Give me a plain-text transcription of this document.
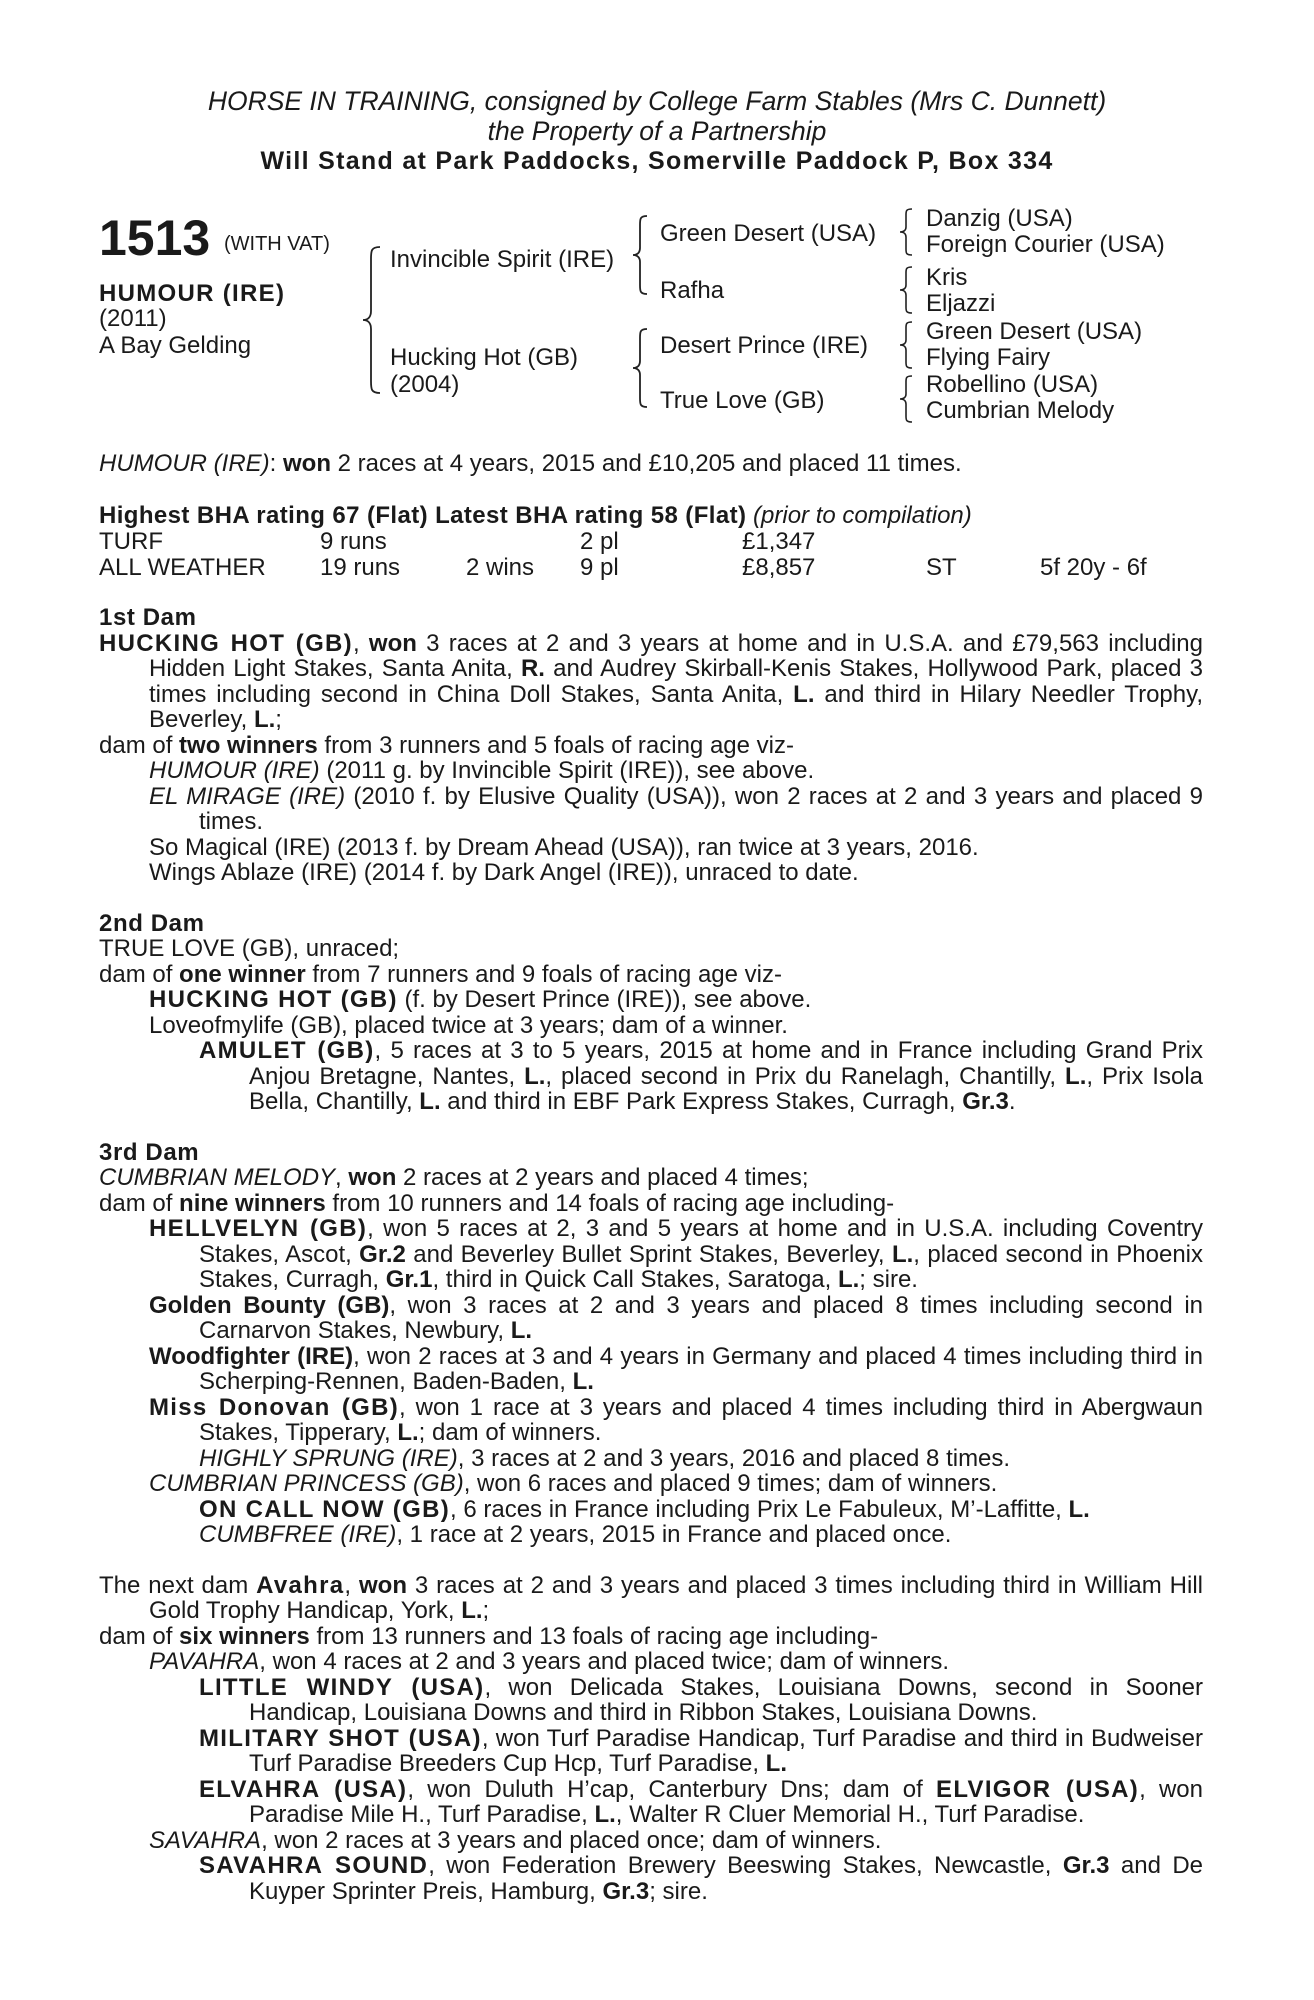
HORSE IN TRAINING, consigned by College Farm Stables (Mrs C. Dunnett)
the Property of a Partnership
Will Stand at Park Paddocks, Somerville Paddock P, Box 334
1513 (WITH VAT)
HUMOUR (IRE)
(2011)
A Bay Gelding
Invincible Spirit (IRE)
Hucking Hot (GB)
(2004)
Green Desert (USA)
Rafha
Desert Prince (IRE)
True Love (GB)
Danzig (USA)
Foreign Courier (USA)
Kris
Eljazzi
Green Desert (USA)
Flying Fairy
Robellino (USA)
Cumbrian Melody
HUMOUR (IRE): won 2 races at 4 years, 2015 and £10,205 and placed 11 times.
Highest BHA rating 67 (Flat) Latest BHA rating 58 (Flat) (prior to compilation)
TURF	9 runs	2 pl	£1,347
ALL WEATHER 19 runs	2 wins 9 pl	£8,857	ST	5f 20y - 6f

1st Dam

HUCKING HOT (GB), won 3 races at 2 and 3 years at home and in U.S.A. and £79,563 including Hidden Light Stakes, Santa Anita, R. and Audrey Skirball-Kenis Stakes, Hollywood Park, placed 3 times including second in China Doll Stakes, Santa Anita, L. and third in Hilary Needler Trophy, Beverley, L.;

dam of two winners from 3 runners and 5 foals of racing age viz-

HUMOUR (IRE) (2011 g. by Invincible Spirit (IRE)), see above.

EL MIRAGE (IRE) (2010 f. by Elusive Quality (USA)), won 2 races at 2 and 3 years and placed 9 times.

So Magical (IRE) (2013 f. by Dream Ahead (USA)), ran twice at 3 years, 2016.

Wings Ablaze (IRE) (2014 f. by Dark Angel (IRE)), unraced to date.

2nd Dam

TRUE LOVE (GB), unraced;

dam of one winner from 7 runners and 9 foals of racing age viz-

HUCKING HOT (GB) (f. by Desert Prince (IRE)), see above.

Loveofmylife (GB), placed twice at 3 years; dam of a winner.

AMULET (GB), 5 races at 3 to 5 years, 2015 at home and in France including Grand Prix Anjou Bretagne, Nantes, L., placed second in Prix du Ranelagh, Chantilly, L., Prix Isola Bella, Chantilly, L. and third in EBF Park Express Stakes, Curragh, Gr.3.

3rd Dam

CUMBRIAN MELODY, won 2 races at 2 years and placed 4 times;

dam of nine winners from 10 runners and 14 foals of racing age including-

HELLVELYN (GB), won 5 races at 2, 3 and 5 years at home and in U.S.A. including Coventry Stakes, Ascot, Gr.2 and Beverley Bullet Sprint Stakes, Beverley, L., placed second in Phoenix Stakes, Curragh, Gr.1, third in Quick Call Stakes, Saratoga, L.; sire.

Golden Bounty (GB), won 3 races at 2 and 3 years and placed 8 times including second in Carnarvon Stakes, Newbury, L.

Woodfighter (IRE), won 2 races at 3 and 4 years in Germany and placed 4 times including third in Scherping-Rennen, Baden-Baden, L.

Miss Donovan (GB), won 1 race at 3 years and placed 4 times including third in Abergwaun Stakes, Tipperary, L.; dam of winners.

HIGHLY SPRUNG (IRE), 3 races at 2 and 3 years, 2016 and placed 8 times.

CUMBRIAN PRINCESS (GB), won 6 races and placed 9 times; dam of winners.

ON CALL NOW (GB), 6 races in France including Prix Le Fabuleux, M’-Laffitte, L.

CUMBFREE (IRE), 1 race at 2 years, 2015 in France and placed once.

The next dam Avahra, won 3 races at 2 and 3 years and placed 3 times including third in William Hill Gold Trophy Handicap, York, L.;

dam of six winners from 13 runners and 13 foals of racing age including-

PAVAHRA, won 4 races at 2 and 3 years and placed twice; dam of winners.

LITTLE WINDY (USA), won Delicada Stakes, Louisiana Downs, second in Sooner Handicap, Louisiana Downs and third in Ribbon Stakes, Louisiana Downs.

MILITARY SHOT (USA), won Turf Paradise Handicap, Turf Paradise and third in Budweiser Turf Paradise Breeders Cup Hcp, Turf Paradise, L.

ELVAHRA (USA), won Duluth H’cap, Canterbury Dns; dam of ELVIGOR (USA), won Paradise Mile H., Turf Paradise, L., Walter R Cluer Memorial H., Turf Paradise.

SAVAHRA, won 2 races at 3 years and placed once; dam of winners.

SAVAHRA SOUND, won Federation Brewery Beeswing Stakes, Newcastle, Gr.3 and De Kuyper Sprinter Preis, Hamburg, Gr.3; sire.
